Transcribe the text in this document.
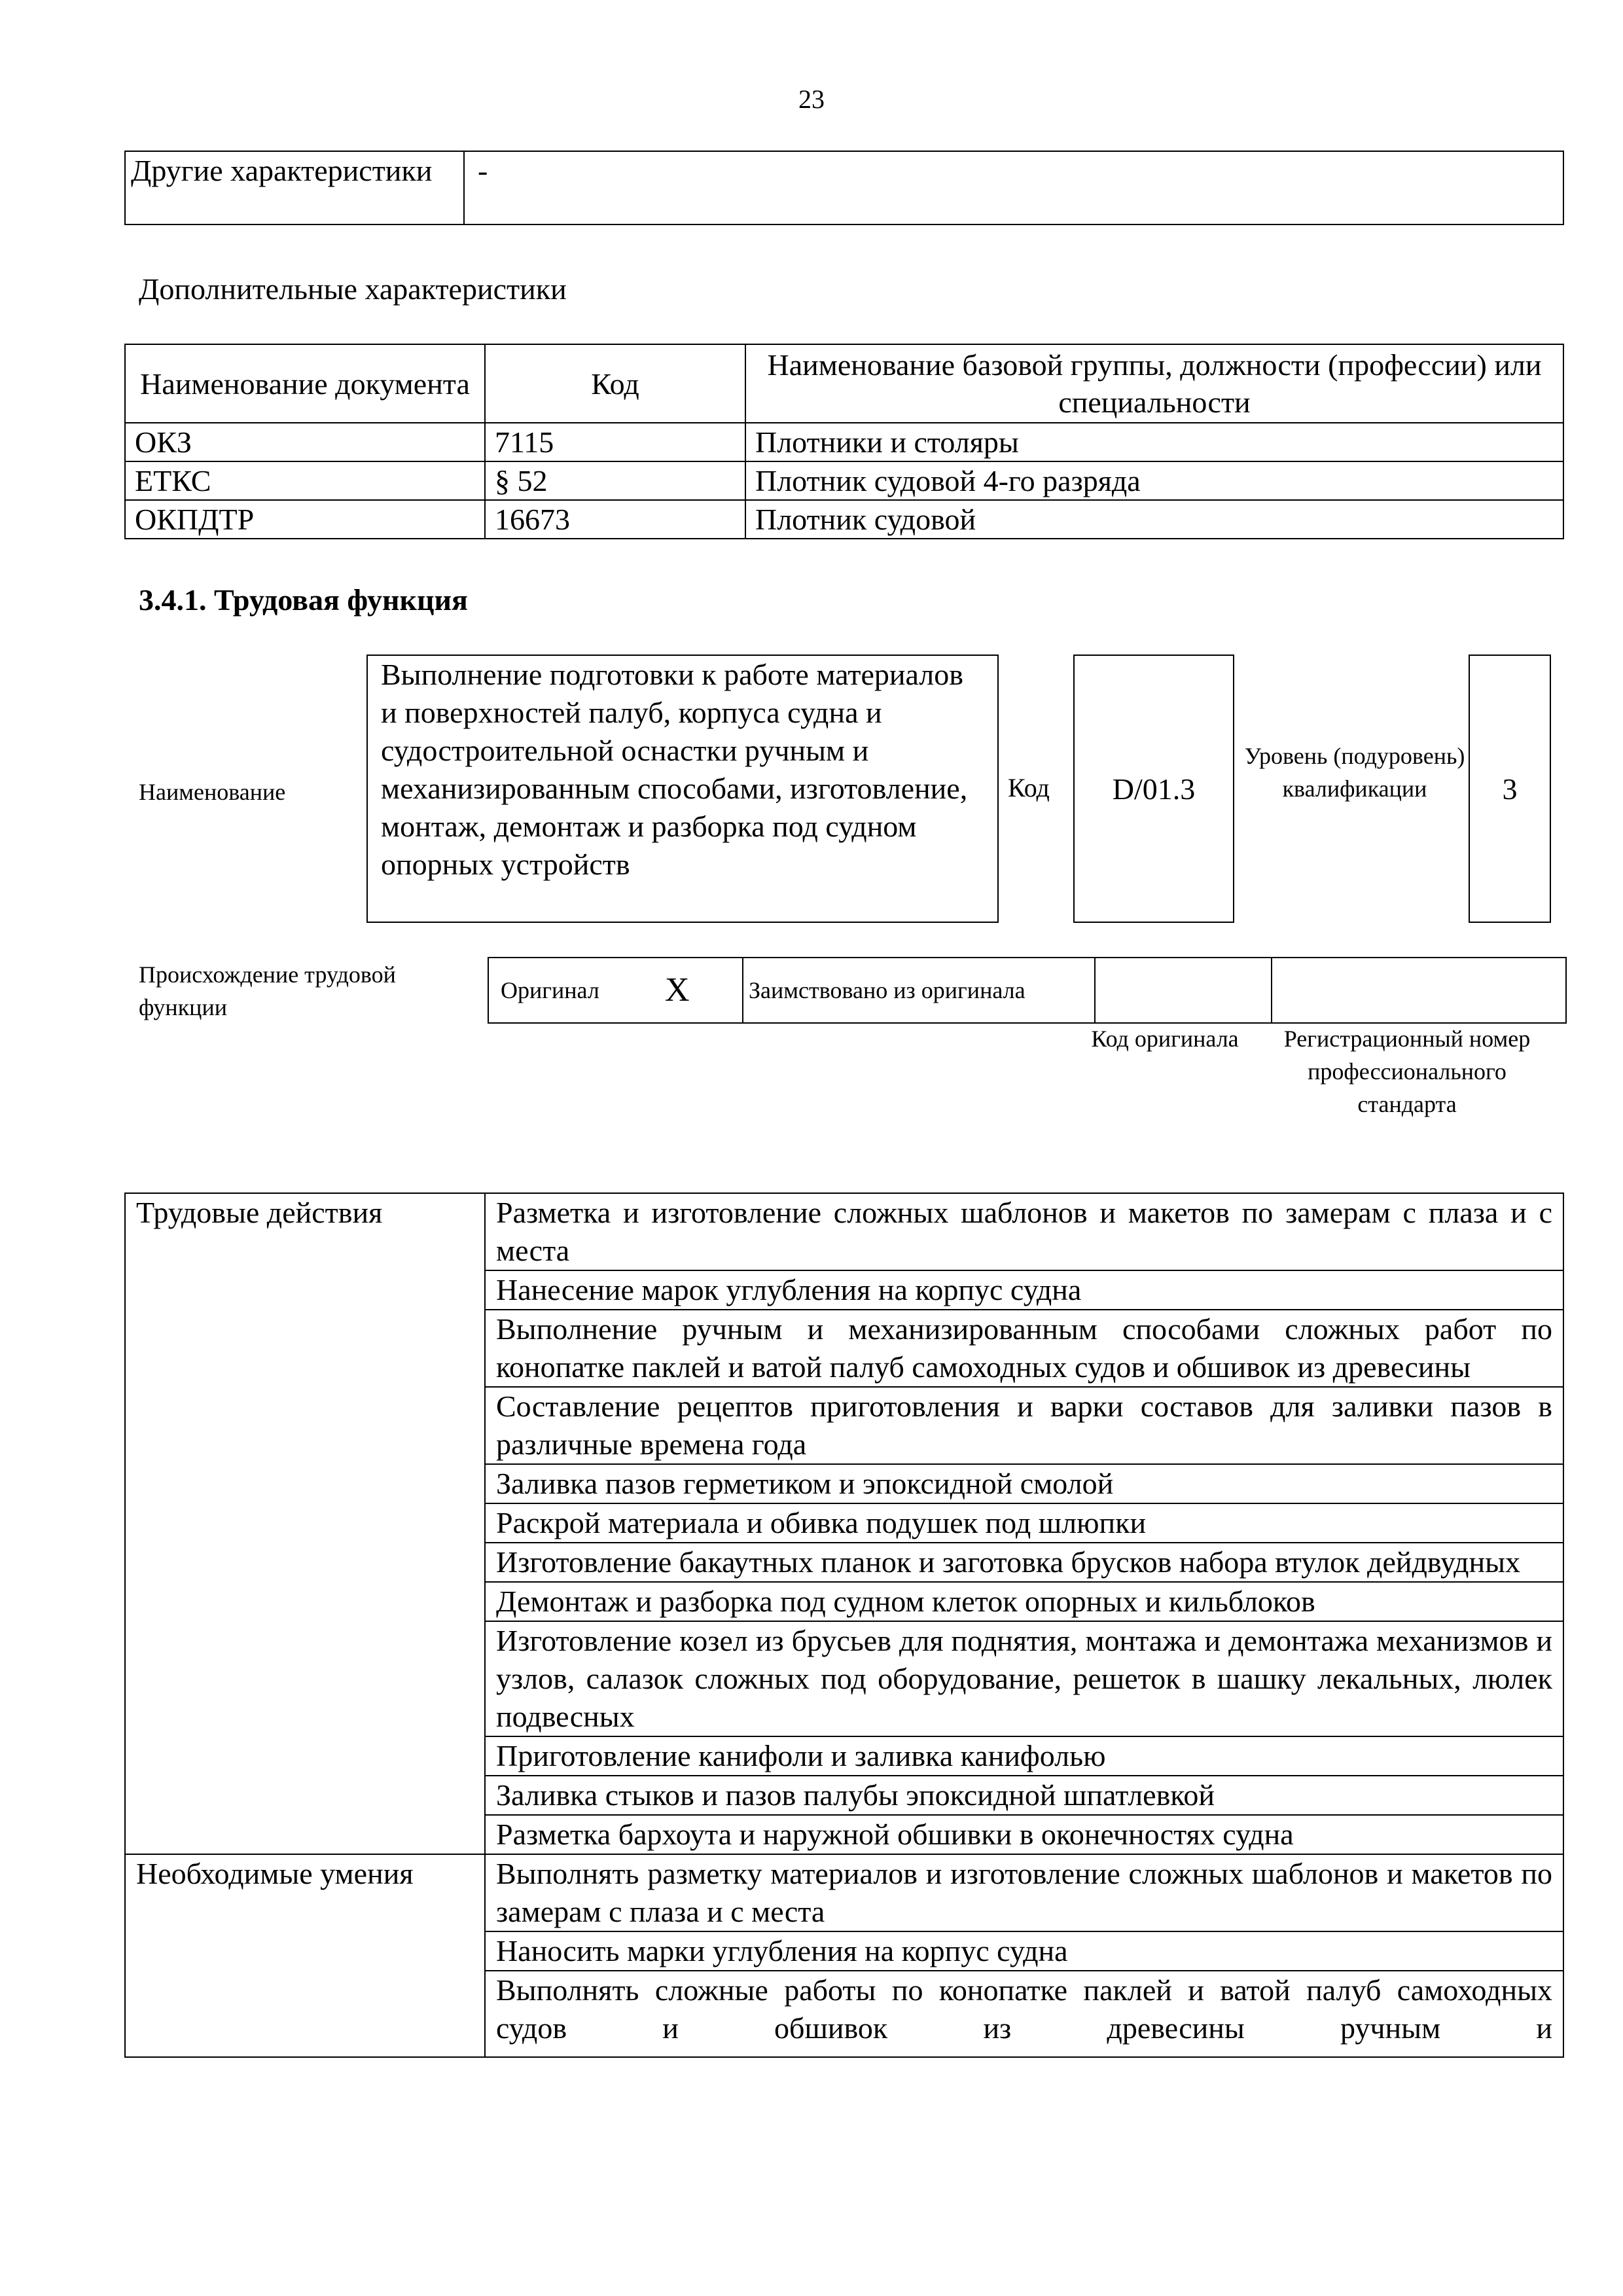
23
Другие характеристики	-
Дополнительные характеристики
Наименование документа	Код	Наименование базовой группы, должности (профессии) или специальности
ОКЗ	7115	Плотники и столяры
ЕТКС	§ 52	Плотник судовой 4-го разряда
ОКПДТР	16673	Плотник судовой
3.4.1. Трудовая функция
Наименование
Выполнение подготовки к работе материалов и поверхностей палуб, корпуса судна и судостроительной оснастки ручным и механизированным способами, изготовление, монтаж, демонтаж и разборка под судном опорных устройств
Код	D/01.3
Уровень (подуровень) квалификации	3
Происхождение трудовой функции
Оригинал	X	Заимствовано из оригинала		
Код оригинала	Регистрационный номер профессионального стандарта
Трудовые действия	Разметка и изготовление сложных шаблонов и макетов по замерам с плаза и с места
	Нанесение марок углубления на корпус судна
	Выполнение ручным и механизированным способами сложных работ по конопатке паклей и ватой палуб самоходных судов и обшивок из древесины
	Составление рецептов приготовления и варки составов для заливки пазов в различные времена года
	Заливка пазов герметиком и эпоксидной смолой
	Раскрой материала и обивка подушек под шлюпки
	Изготовление бакаутных планок и заготовка брусков набора втулок дейдвудных
	Демонтаж и разборка под судном клеток опорных и кильблоков
	Изготовление козел из брусьев для поднятия, монтажа и демонтажа механизмов и узлов, салазок сложных под оборудование, решеток в шашку лекальных, люлек подвесных
	Приготовление канифоли и заливка канифолью
	Заливка стыков и пазов палубы эпоксидной шпатлевкой
	Разметка бархоута и наружной обшивки в оконечностях судна
Необходимые умения	Выполнять разметку материалов и изготовление сложных шаблонов и макетов по замерам с плаза и с места
	Наносить марки углубления на корпус судна

	Выполнять сложные работы по конопатке паклей и ватой палуб самоходных судов и обшивок из древесины ручным и
